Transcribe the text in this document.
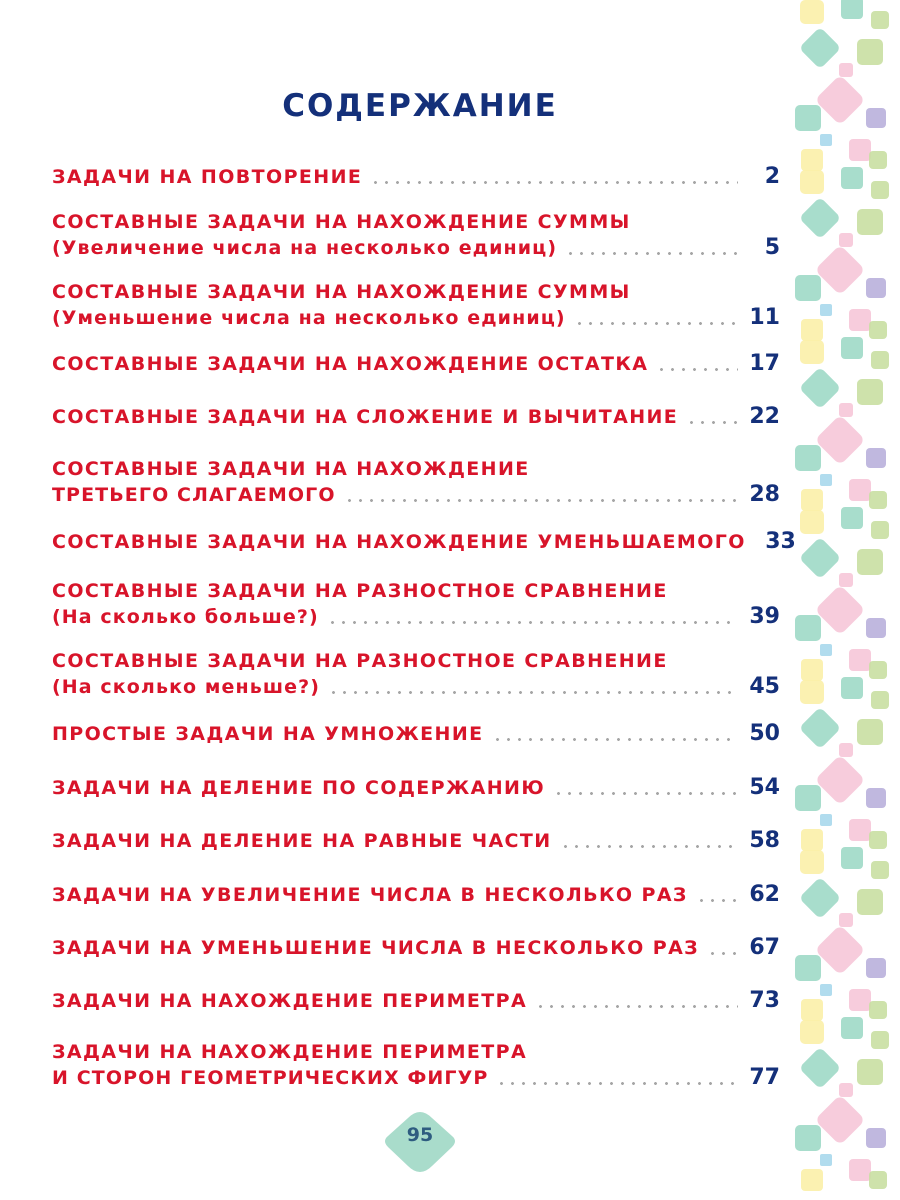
СОДЕРЖАНИЕ
ЗАДАЧИ НА ПОВТОРЕНИЕ	2
СОСТАВНЫЕ ЗАДАЧИ НА НАХОЖДЕНИЕ СУММЫ
(Увеличение числа на несколько единиц)	5
СОСТАВНЫЕ ЗАДАЧИ НА НАХОЖДЕНИЕ СУММЫ
(Уменьшение числа на несколько единиц)	11
СОСТАВНЫЕ ЗАДАЧИ НА НАХОЖДЕНИЕ ОСТАТКА	17
СОСТАВНЫЕ ЗАДАЧИ НА СЛОЖЕНИЕ И ВЫЧИТАНИЕ	22
СОСТАВНЫЕ ЗАДАЧИ НА НАХОЖДЕНИЕ
ТРЕТЬЕГО СЛАГАЕМОГО	28
СОСТАВНЫЕ ЗАДАЧИ НА НАХОЖДЕНИЕ УМЕНЬШАЕМОГО 33
СОСТАВНЫЕ ЗАДАЧИ НА РАЗНОСТНОЕ СРАВНЕНИЕ
(На сколько больше?)	39
СОСТАВНЫЕ ЗАДАЧИ НА РАЗНОСТНОЕ СРАВНЕНИЕ
(На сколько меньше?)	45
ПРОСТЫЕ ЗАДАЧИ НА УМНОЖЕНИЕ	50
ЗАДАЧИ НА ДЕЛЕНИЕ ПО СОДЕРЖАНИЮ	54
ЗАДАЧИ НА ДЕЛЕНИЕ НА РАВНЫЕ ЧАСТИ	58
ЗАДАЧИ НА УВЕЛИЧЕНИЕ ЧИСЛА В НЕСКОЛЬКО РАЗ	62
ЗАДАЧИ НА УМЕНЬШЕНИЕ ЧИСЛА В НЕСКОЛЬКО РАЗ 67
ЗАДАЧИ НА НАХОЖДЕНИЕ ПЕРИМЕТРА	73
ЗАДАЧИ НА НАХОЖДЕНИЕ ПЕРИМЕТРА
И СТОРОН ГЕОМЕТРИЧЕСКИХ ФИГУР	77
95
